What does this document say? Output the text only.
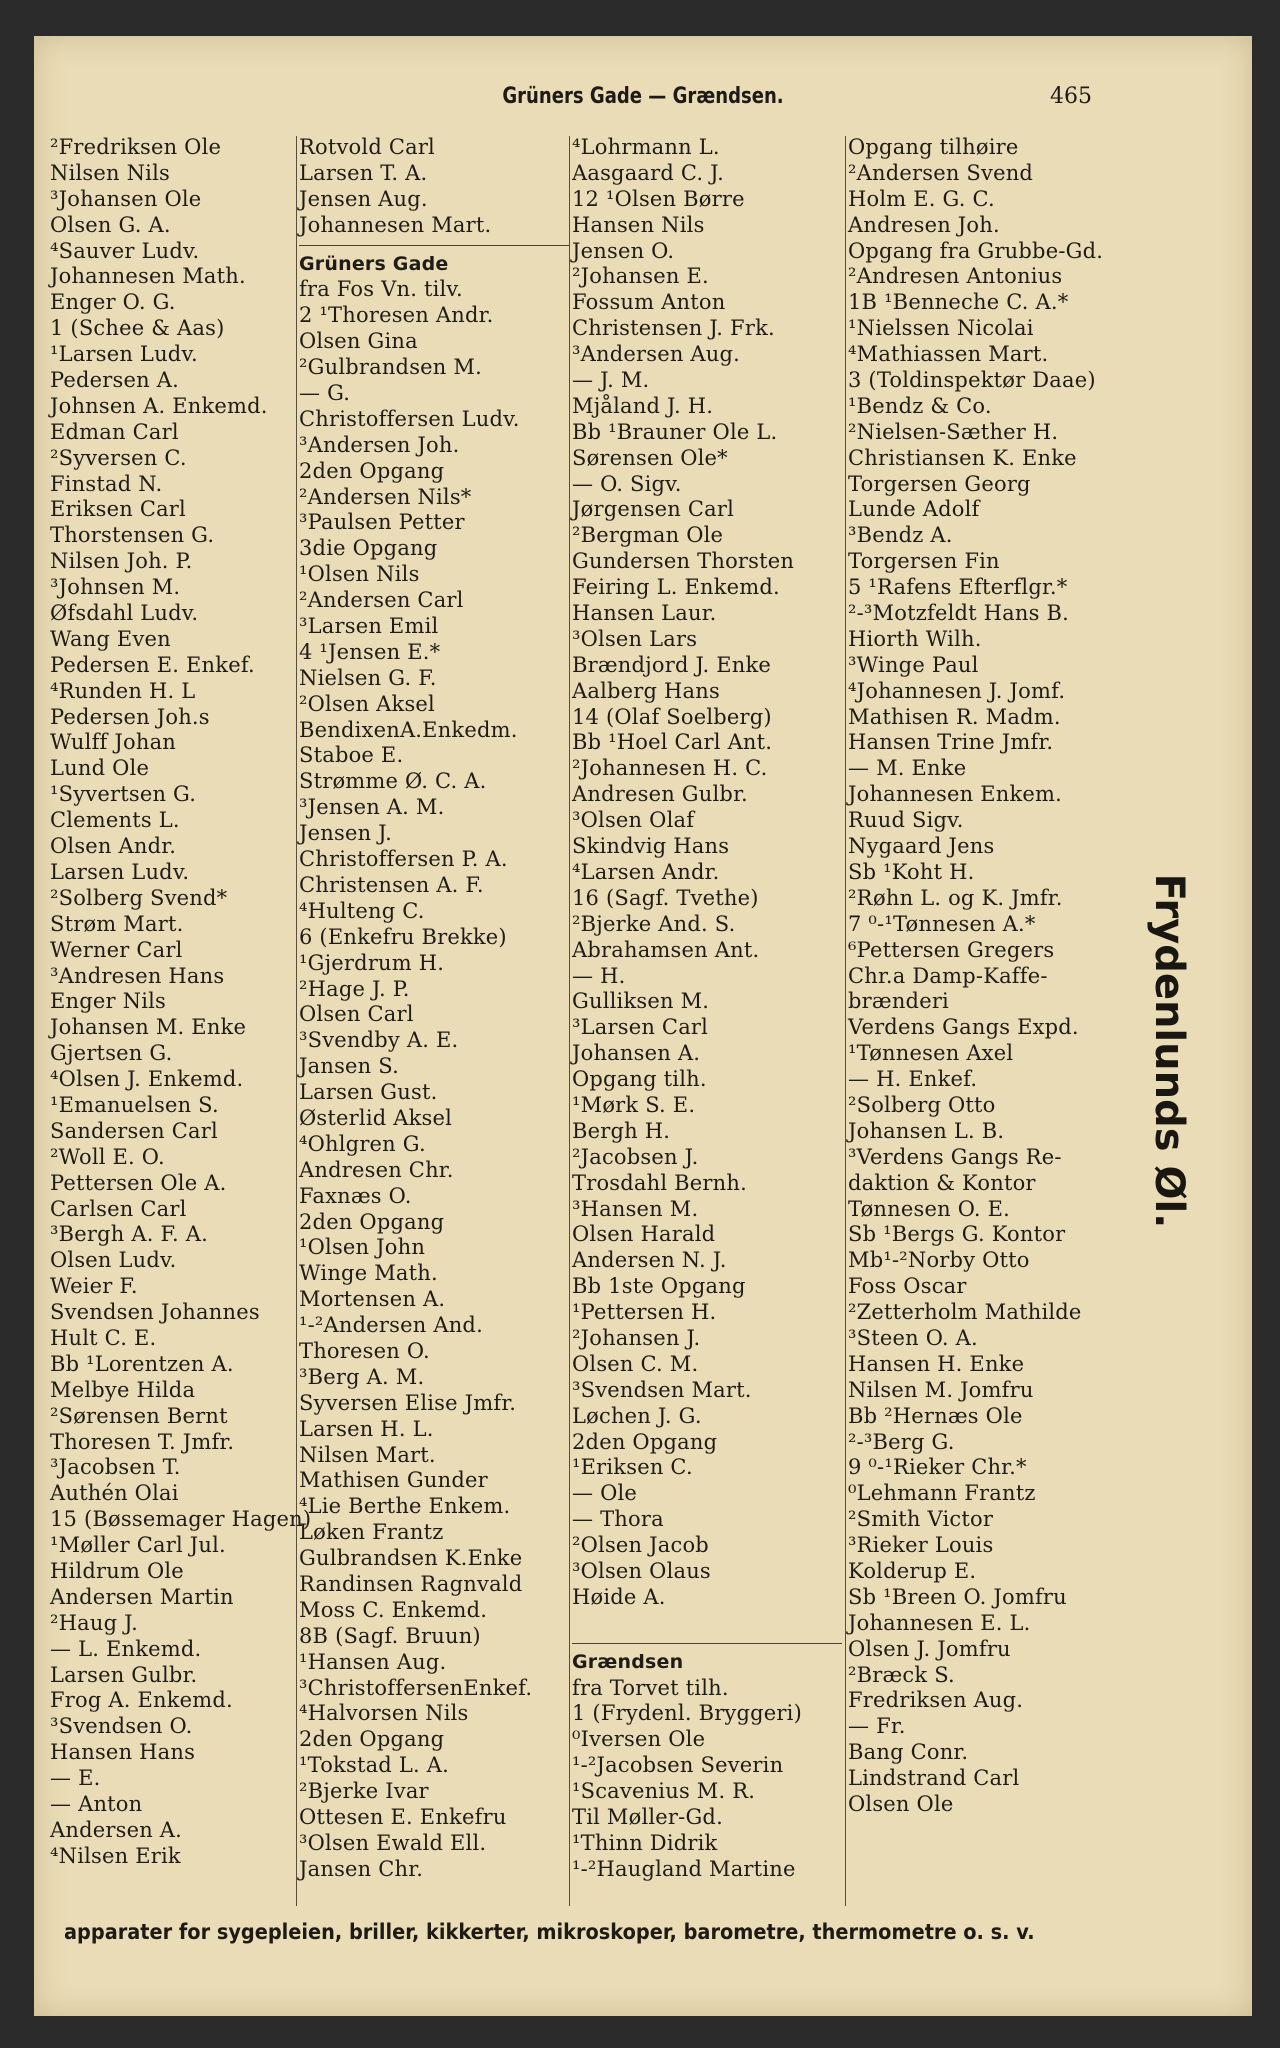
Grüners Gade — Grændsen.	465
²Fredriksen Ole
Nilsen Nils
³Johansen Ole
Olsen G. A.
⁴Sauver Ludv.
Johannesen Math.
Enger O. G.
1 (Schee & Aas)
¹Larsen Ludv.
Pedersen A.
Johnsen A. Enkemd.
Edman Carl
²Syversen C.
Finstad N.
Eriksen Carl
Thorstensen G.
Nilsen Joh. P.
³Johnsen M.
Øfsdahl Ludv.
Wang Even
Pedersen E. Enkef.
⁴Runden H. L
Pedersen Joh.s
Wulff Johan
Lund Ole
¹Syvertsen G.
Clements L.
Olsen Andr.
Larsen Ludv.
²Solberg Svend*
Strøm Mart.
Werner Carl
³Andresen Hans
Enger Nils
Johansen M. Enke
Gjertsen G.
⁴Olsen J. Enkemd.
¹Emanuelsen S.
Sandersen Carl
²Woll E. O.
Pettersen Ole A.
Carlsen Carl
³Bergh A. F. A.
Olsen Ludv.
Weier F.
Svendsen Johannes
Hult C. E.
Bb ¹Lorentzen A.
Melbye Hilda
²Sørensen Bernt
Thoresen T. Jmfr.
³Jacobsen T.
Authén Olai
15 (Bøssemager Hagen)
¹Møller Carl Jul.
Hildrum Ole
Andersen Martin
²Haug J.
— L. Enkemd.
Larsen Gulbr.
Frog A. Enkemd.
³Svendsen O.
Hansen Hans
— E.
— Anton
Andersen A.
⁴Nilsen Erik
Rotvold Carl
Larsen T. A.
Jensen Aug.
Johannesen Mart.
Grüners Gade
fra Fos Vn. tilv.
2 ¹Thoresen Andr.
Olsen Gina
²Gulbrandsen M.
— G.
Christoffersen Ludv.
³Andersen Joh.
2den Opgang
²Andersen Nils*
³Paulsen Petter
3die Opgang
¹Olsen Nils
²Andersen Carl
³Larsen Emil
4 ¹Jensen E.*
Nielsen G. F.
²Olsen Aksel
BendixenA.Enkedm.
Staboe E.
Strømme Ø. C. A.
³Jensen A. M.
Jensen J.
Christoffersen P. A.
Christensen A. F.
⁴Hulteng C.
6 (Enkefru Brekke)
¹Gjerdrum H.
²Hage J. P.
Olsen Carl
³Svendby A. E.
Jansen S.
Larsen Gust.
Østerlid Aksel
⁴Ohlgren G.
Andresen Chr.
Faxnæs O.
2den Opgang
¹Olsen John
Winge Math.
Mortensen A.
¹-²Andersen And.
Thoresen O.
³Berg A. M.
Syversen Elise Jmfr.
Larsen H. L.
Nilsen Mart.
Mathisen Gunder
⁴Lie Berthe Enkem.
Løken Frantz
Gulbrandsen K.Enke
Randinsen Ragnvald
Moss C. Enkemd.
8B (Sagf. Bruun)
¹Hansen Aug.
³ChristoffersenEnkef.
⁴Halvorsen Nils
2den Opgang
¹Tokstad L. A.
²Bjerke Ivar
Ottesen E. Enkefru
³Olsen Ewald Ell.
Jansen Chr.
⁴Lohrmann L.
Aasgaard C. J.
12 ¹Olsen Børre
Hansen Nils
Jensen O.
²Johansen E.
Fossum Anton
Christensen J. Frk.
³Andersen Aug.
— J. M.
Mjåland J. H.
Bb ¹Brauner Ole L.
Sørensen Ole*
— O. Sigv.
Jørgensen Carl
²Bergman Ole
Gundersen Thorsten
Feiring L. Enkemd.
Hansen Laur.
³Olsen Lars
Brændjord J. Enke
Aalberg Hans
14 (Olaf Soelberg)
Bb ¹Hoel Carl Ant.
²Johannesen H. C.
Andresen Gulbr.
³Olsen Olaf
Skindvig Hans
⁴Larsen Andr.
16 (Sagf. Tvethe)
²Bjerke And. S.
Abrahamsen Ant.
— H.
Gulliksen M.
³Larsen Carl
Johansen A.
Opgang tilh.
¹Mørk S. E.
Bergh H.
²Jacobsen J.
Trosdahl Bernh.
³Hansen M.
Olsen Harald
Andersen N. J.
Bb 1ste Opgang
¹Pettersen H.
²Johansen J.
Olsen C. M.
³Svendsen Mart.
Løchen J. G.
2den Opgang
¹Eriksen C.
— Ole
— Thora
²Olsen Jacob
³Olsen Olaus
Høide A.
Grændsen
fra Torvet tilh.
1 (Frydenl. Bryggeri)
⁰Iversen Ole
¹-²Jacobsen Severin
¹Scavenius M. R.
Til Møller-Gd.
¹Thinn Didrik
¹-²Haugland Martine
Opgang tilhøire
²Andersen Svend
Holm E. G. C.
Andresen Joh.
Opgang fra Grubbe-Gd.
²Andresen Antonius
1B ¹Benneche C. A.*
¹Nielssen Nicolai
⁴Mathiassen Mart.
3 (Toldinspektør Daae)
¹Bendz & Co.
²Nielsen-Sæther H.
Christiansen K. Enke
Torgersen Georg
Lunde Adolf
³Bendz A.
Torgersen Fin
5 ¹Rafens Efterflgr.*
²-³Motzfeldt Hans B.
Hiorth Wilh.
³Winge Paul
⁴Johannesen J. Jomf.
Mathisen R. Madm.
Hansen Trine Jmfr.
— M. Enke
Johannesen Enkem.
Ruud Sigv.
Nygaard Jens
Sb ¹Koht H.
²Røhn L. og K. Jmfr.
7 ⁰-¹Tønnesen A.*
⁶Pettersen Gregers
Chr.a Damp-Kaffe-
brænderi
Verdens Gangs Expd.
¹Tønnesen Axel
— H. Enkef.
²Solberg Otto
Johansen L. B.
³Verdens Gangs Re-
daktion & Kontor
Tønnesen O. E.
Sb ¹Bergs G. Kontor
Mb¹-²Norby Otto
Foss Oscar
²Zetterholm Mathilde
³Steen O. A.
Hansen H. Enke
Nilsen M. Jomfru
Bb ²Hernæs Ole
²-³Berg G.
9 ⁰-¹Rieker Chr.*
⁰Lehmann Frantz
²Smith Victor
³Rieker Louis
Kolderup E.
Sb ¹Breen O. Jomfru
Johannesen E. L.
Olsen J. Jomfru
²Bræck S.
Fredriksen Aug.
— Fr.
Bang Conr.
Lindstrand Carl
Olsen Ole
Frydenlunds Øl.
apparater for sygepleien, briller, kikkerter, mikroskoper, barometre, thermometre o. s. v.
